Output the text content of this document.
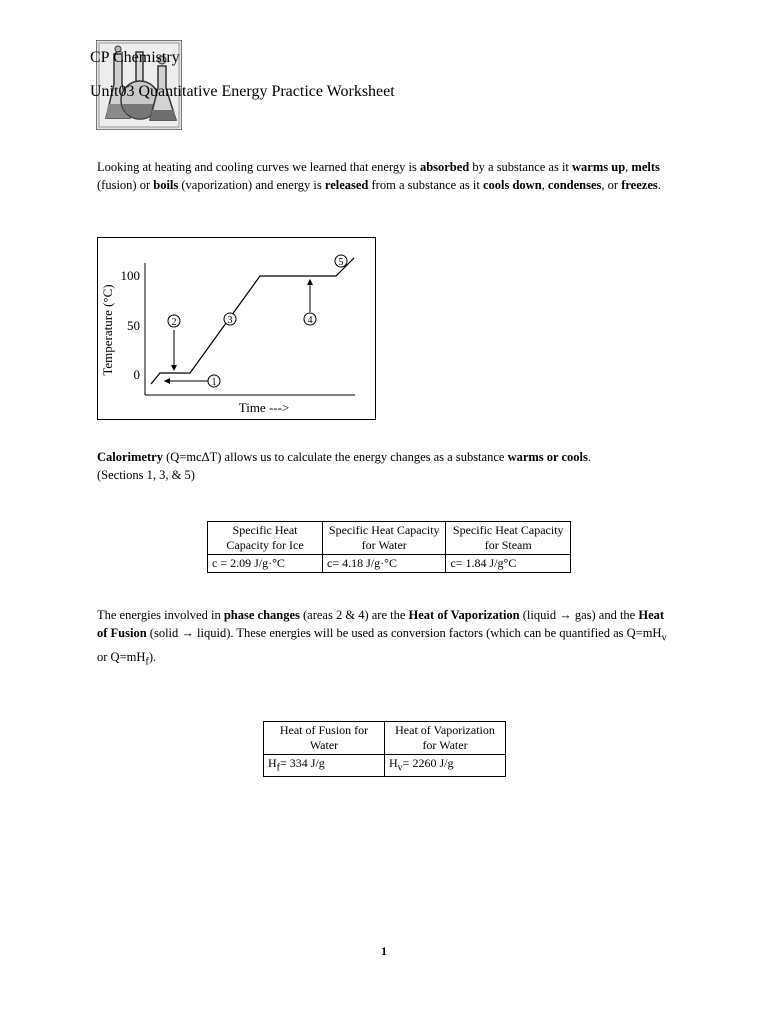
CP Chemistry
Unit03 Quantitative Energy Practice Worksheet
Looking at heating and cooling curves we learned that energy is absorbed by a substance as it warms up, melts (fusion) or boils (vaporization) and energy is released from a substance as it cools down, condenses, or freezes.
Temperature (°C)
100
50
0
Time --->
1
2	3	4
5
Calorimetry (Q=mcΔT) allows us to calculate the energy changes as a substance warms or cools.
(Sections 1, 3, & 5)
Specific Heat Capacity for Ice	Specific Heat Capacity for Water	Specific Heat Capacity for Steam
c = 2.09 J/g·°C	c= 4.18 J/g·°C	c= 1.84 J/g°C
The energies involved in phase changes (areas 2 & 4) are the Heat of Vaporization (liquid → gas) and the Heat of Fusion (solid → liquid). These energies will be used as conversion factors (which can be quantified as $Q=mH_v$ or $Q=mH_f$).
Heat of Fusion for Water	Heat of Vaporization for Water
$H_f= 334$ J/g	$H_v= 2260$ J/g
1
